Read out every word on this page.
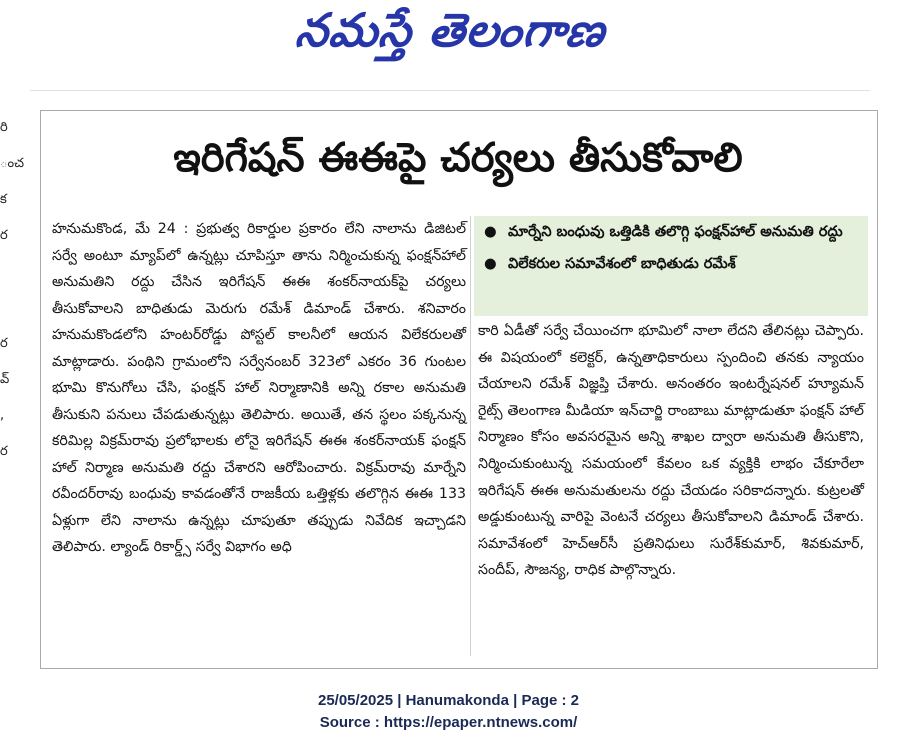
నమస్తే తెలంగాణ
రి
ంచ
క
ర
ర
వ్
,
ర
ఇరిగేషన్ ఈఈపై చర్యలు తీసుకోవాలి
హనుమకొండ, మే 24 : ప్రభుత్వ రికార్డుల ప్రకారం లేని నాలాను డిజిటల్ సర్వే అంటూ మ్యాప్‌లో ఉన్నట్లు చూపిస్తూ తాను నిర్మించుకున్న ఫంక్షన్‌హాల్ అనుమతిని రద్దు చేసిన ఇరిగేషన్ ఈఈ శంకర్‌నాయక్‌పై చర్యలు తీసుకోవాలని బాధితుడు మెరుగు రమేశ్ డిమాండ్ చేశారు. శనివారం హనుమకొండలోని హంటర్‌రోడ్డు పోస్టల్ కాలనీలో ఆయన విలేకరులతో మాట్లాడారు. పంథిని గ్రామంలోని సర్వేనంబర్ 323లో ఎకరం 36 గుంటల భూమి కొనుగోలు చేసి, ఫంక్షన్ హాల్ నిర్మాణానికి అన్ని రకాల అనుమతి తీసుకుని పనులు చేపడుతున్నట్లు తెలిపారు. అయితే, తన స్థలం పక్కనున్న కరిమిల్ల విక్రమ్‌రావు ప్రలోభాలకు లోనై ఇరిగేషన్ ఈఈ శంకర్‌నాయక్ ఫంక్షన్ హాల్ నిర్మాణ అనుమతి రద్దు చేశారని ఆరోపించారు. విక్రమ్‌రావు మార్నేని రవీందర్‌రావు బంధువు కావడంతోనే రాజకీయ ఒత్తిళ్లకు తలొగ్గిన ఈఈ 133 ఏళ్లుగా లేని నాలాను ఉన్నట్లు చూపుతూ తప్పుడు నివేదిక ఇచ్చాడని తెలిపారు. ల్యాండ్ రికార్డ్స్ సర్వే విభాగం అధి
● మార్నేని బంధువు ఒత్తిడికి తలొగ్గి ఫంక్షన్‌హాల్ అనుమతి రద్దు
● విలేకరుల సమావేశంలో బాధితుడు రమేశ్
కారి ఏడీతో సర్వే చేయించగా భూమిలో నాలా లేదని తేలినట్లు చెప్పారు. ఈ విషయంలో కలెక్టర్, ఉన్నతాధికారులు స్పందించి తనకు న్యాయం చేయాలని రమేశ్ విజ్ఞప్తి చేశారు. అనంతరం ఇంటర్నేషనల్ హ్యూమన్ రైట్స్ తెలంగాణ మీడియా ఇన్‌చార్జి రాంబాబు మాట్లాడుతూ ఫంక్షన్ హాల్ నిర్మాణం కోసం అవసరమైన అన్ని శాఖల ద్వారా అనుమతి తీసుకొని, నిర్మించుకుంటున్న సమయంలో కేవలం ఒక వ్యక్తికి లాభం చేకూరేలా ఇరిగేషన్ ఈఈ అనుమతులను రద్దు చేయడం సరికాదన్నారు. కుట్రలతో అడ్డుకుంటున్న వారిపై వెంటనే చర్యలు తీసుకోవాలని డిమాండ్ చేశారు. సమావేశంలో హెచ్‌ఆర్‌సీ ప్రతినిధులు సురేశ్‌కుమార్, శివకుమార్, సందీప్, సౌజన్య, రాధిక పాల్గొన్నారు.
25/05/2025 | Hanumakonda | Page : 2
Source : https://epaper.ntnews.com/
